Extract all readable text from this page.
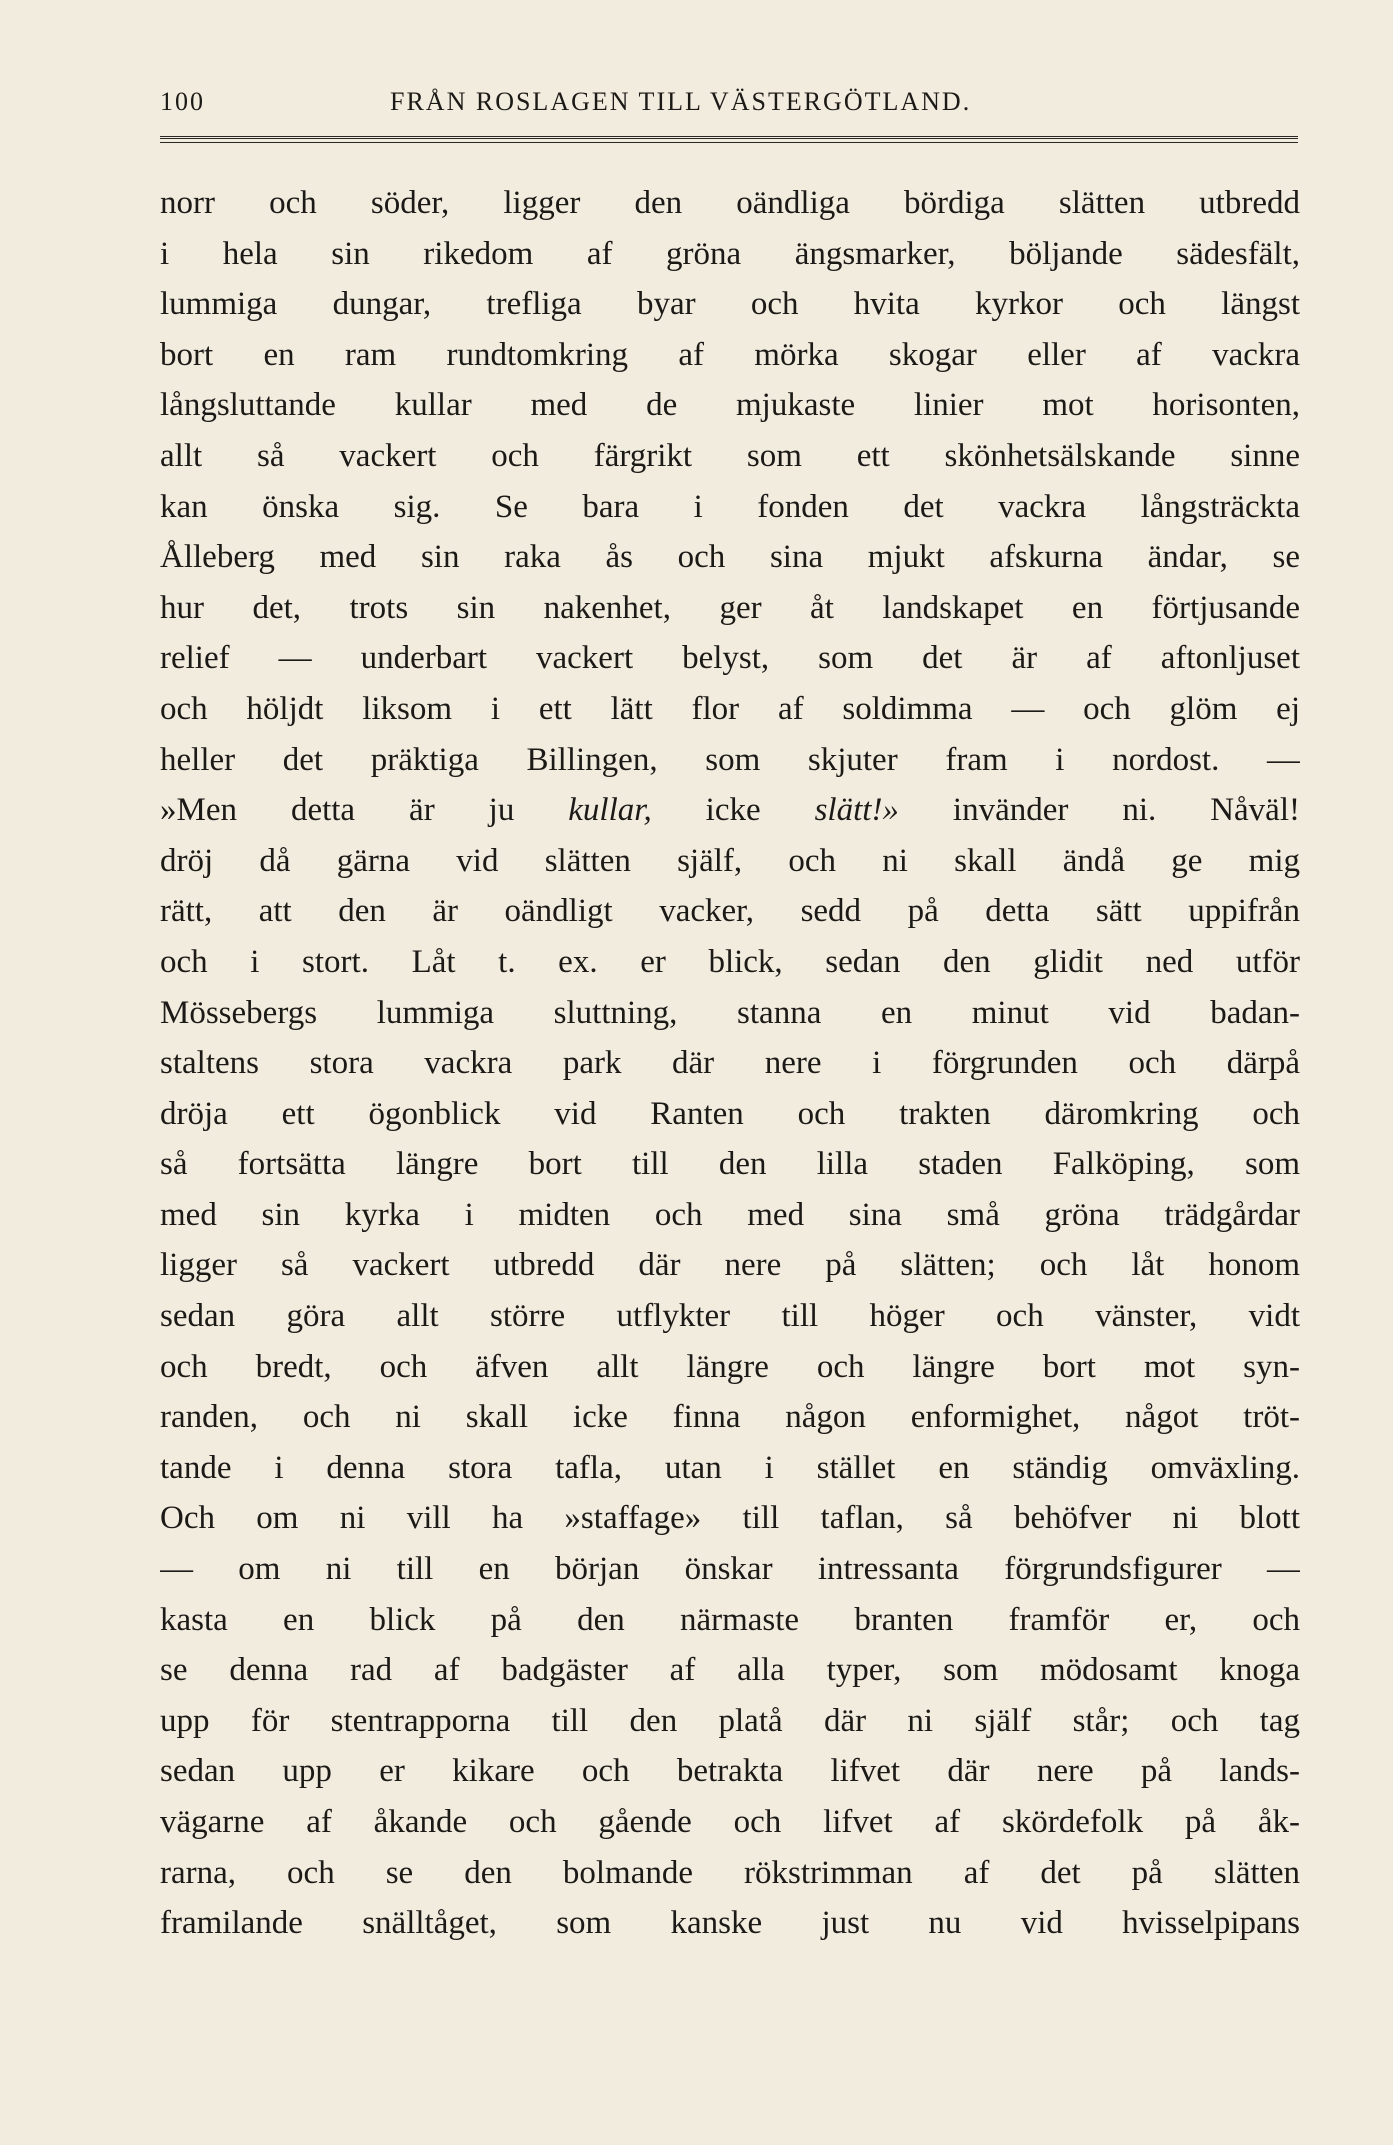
100	FRÅN ROSLAGEN TILL VÄSTERGÖTLAND.
norr och söder, ligger den oändliga bördiga slätten utbredd
i hela sin rikedom af gröna ängsmarker, böljande sädesfält,
lummiga dungar, trefliga byar och hvita kyrkor och längst
bort en ram rundtomkring af mörka skogar eller af vackra
långsluttande kullar med de mjukaste linier mot horisonten,
allt så vackert och färgrikt som ett skönhetsälskande sinne
kan önska sig. Se bara i fonden det vackra långsträckta
Ålleberg med sin raka ås och sina mjukt afskurna ändar, se
hur det, trots sin nakenhet, ger åt landskapet en förtjusande
relief — underbart vackert belyst, som det är af aftonljuset
och höljdt liksom i ett lätt flor af soldimma — och glöm ej
heller det präktiga Billingen, som skjuter fram i nordost. —
»Men detta är ju kullar, icke slätt!» invänder ni. Nåväl!
dröj då gärna vid slätten själf, och ni skall ändå ge mig
rätt, att den är oändligt vacker, sedd på detta sätt uppifrån
och i stort. Låt t. ex. er blick, sedan den glidit ned utför
Mössebergs lummiga sluttning, stanna en minut vid badan-
staltens stora vackra park där nere i förgrunden och därpå
dröja ett ögonblick vid Ranten och trakten däromkring och
så fortsätta längre bort till den lilla staden Falköping, som
med sin kyrka i midten och med sina små gröna trädgårdar
ligger så vackert utbredd där nere på slätten; och låt honom
sedan göra allt större utflykter till höger och vänster, vidt
och bredt, och äfven allt längre och längre bort mot syn-
randen, och ni skall icke finna någon enformighet, något tröt-
tande i denna stora tafla, utan i stället en ständig omväxling.
Och om ni vill ha »staffage» till taflan, så behöfver ni blott
— om ni till en början önskar intressanta förgrundsfigurer —
kasta en blick på den närmaste branten framför er, och
se denna rad af badgäster af alla typer, som mödosamt knoga
upp för stentrapporna till den platå där ni själf står; och tag
sedan upp er kikare och betrakta lifvet där nere på lands-
vägarne af åkande och gående och lifvet af skördefolk på åk-
rarna, och se den bolmande rökstrimman af det på slätten
framilande snälltåget, som kanske just nu vid hvisselpipans
